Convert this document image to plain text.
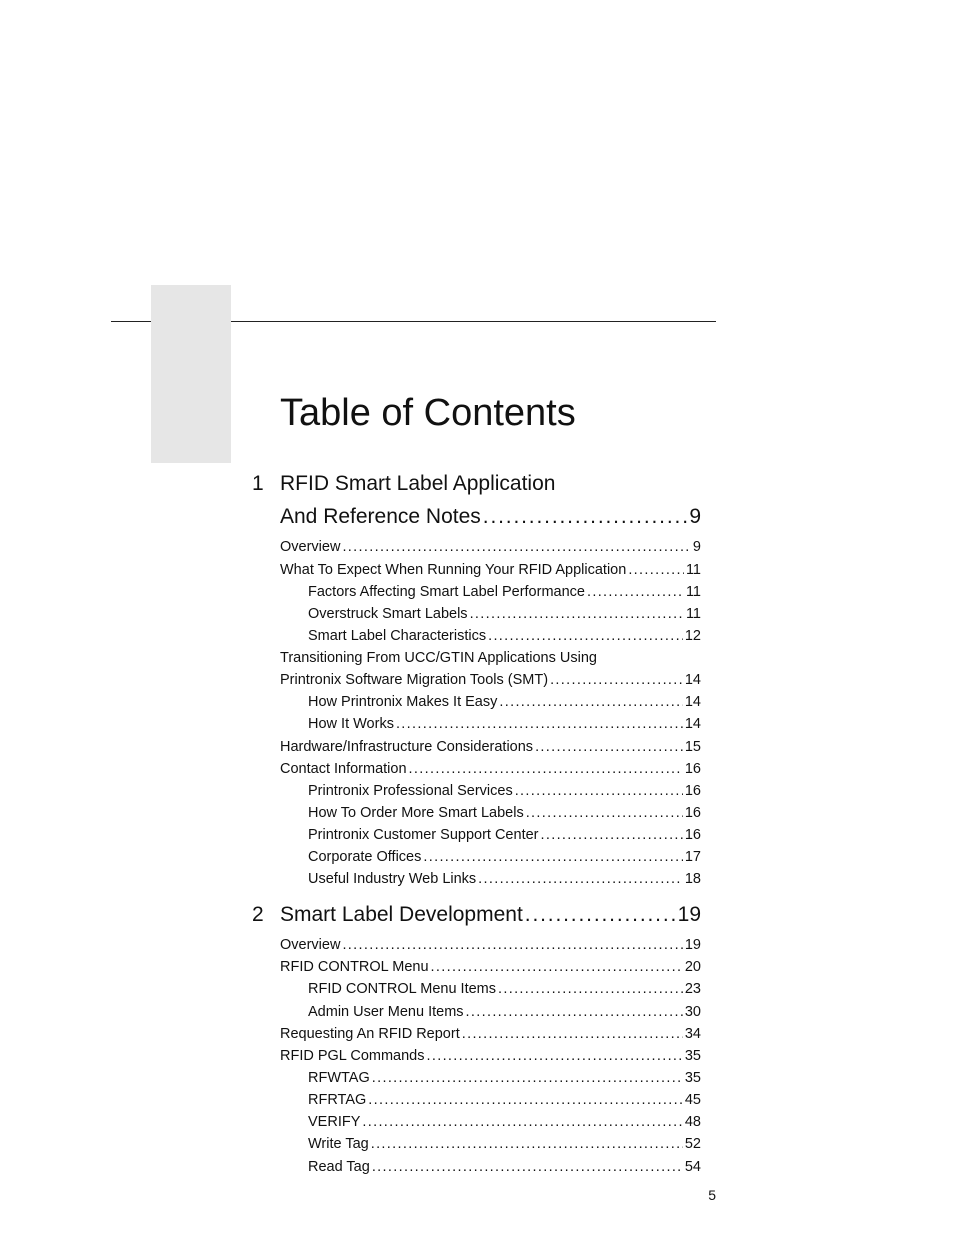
Table of Contents
1 RFID Smart Label Application
And Reference Notes . . .	9
Overview . . .	9
What To Expect When Running Your RFID Application . . .	11
Factors Affecting Smart Label Performance . . .	11
Overstruck Smart Labels . . .	11
Smart Label Characteristics . . .	12
Transitioning From UCC/GTIN Applications Using
Printronix Software Migration Tools (SMT) . . .	14
How Printronix Makes It Easy . . .	14
How It Works . . .	14
Hardware/Infrastructure Considerations . . .	15
Contact Information . . .	16
Printronix Professional Services . . .	16
How To Order More Smart Labels . . .	16
Printronix Customer Support Center . . .	16
Corporate Offices . . .	17
Useful Industry Web Links . . .	18
2 Smart Label Development . . .	19
Overview . . .	19
RFID CONTROL Menu . . .	20
RFID CONTROL Menu Items . . .	23
Admin User Menu Items . . .	30
Requesting An RFID Report . . .	34
RFID PGL Commands . . .	35
RFWTAG . . .	35
RFRTAG . . .	45
VERIFY . . .	48
Write Tag . . .	52
Read Tag . . .	54
5
